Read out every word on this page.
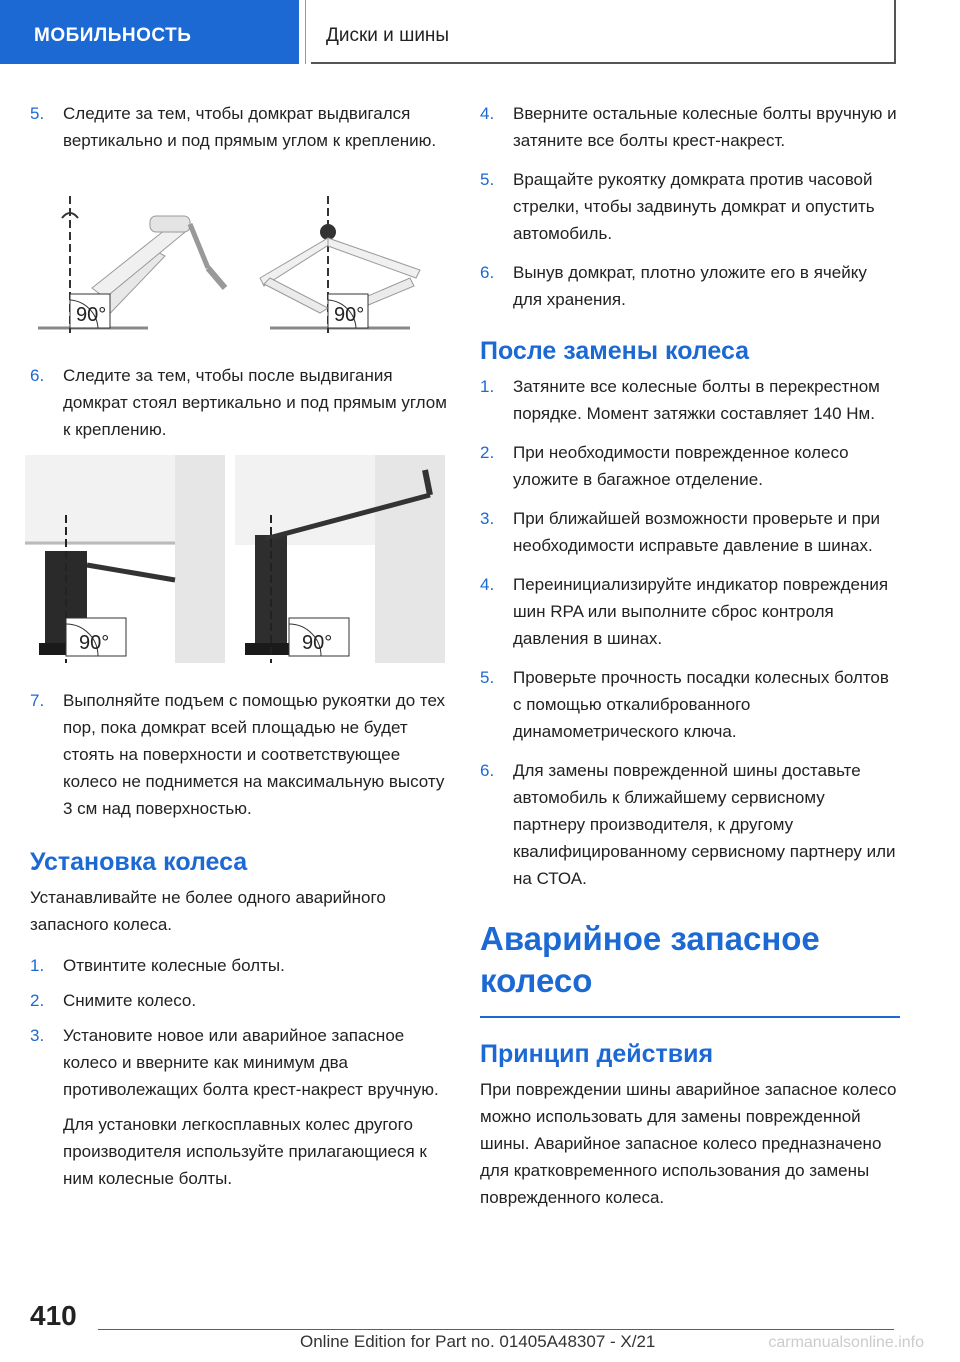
МОБИЛЬНОСТЬ	Диски и шины
5.	Следите за тем, чтобы домкрат выдвигался вертикально и под прямым углом к креплению.
90°	90°
6.	Следите за тем, чтобы после выдвигания домкрат стоял вертикально и под прямым углом к креплению.
90°	90°
7.	Выполняйте подъем с помощью рукоятки до тех пор, пока домкрат всей площадью не будет стоять на поверхности и соответствующее колесо не поднимется на максимальную высоту 3 см над поверхностью.
Установка колеса
Устанавливайте не более одного аварийного запасного колеса.
1.	Отвинтите колесные болты.
2.	Снимите колесо.
3.	Установите новое или аварийное запасное колесо и вверните как минимум два противолежащих болта крест-накрест вручную.
Для установки легкосплавных колес другого производителя используйте прилагающиеся к ним колесные болты.
4.	Вверните остальные колесные болты вручную и затяните все болты крест-накрест.
5.	Вращайте рукоятку домкрата против часовой стрелки, чтобы задвинуть домкрат и опустить автомобиль.
6.	Вынув домкрат, плотно уложите его в ячейку для хранения.
После замены колеса
1.	Затяните все колесные болты в перекрестном порядке. Момент затяжки составляет 140 Нм.
2.	При необходимости поврежденное колесо уложите в багажное отделение.
3.	При ближайшей возможности проверьте и при необходимости исправьте давление в шинах.
4.	Переинициализируйте индикатор повреждения шин RPA или выполните сброс контроля давления в шинах.
5.	Проверьте прочность посадки колесных болтов с помощью откалиброванного динамометрического ключа.
6.	Для замены поврежденной шины доставьте автомобиль к ближайшему сервисному партнеру производителя, к другому квалифицированному сервисному партнеру или на СТОА.
Аварийное запасное колесо
Принцип действия
При повреждении шины аварийное запасное колесо можно использовать для замены поврежденной шины. Аварийное запасное колесо предназначено для кратковременного использования до замены поврежденного колеса.
410
Online Edition for Part no. 01405A48307 - X/21	carmanualsonline.info
